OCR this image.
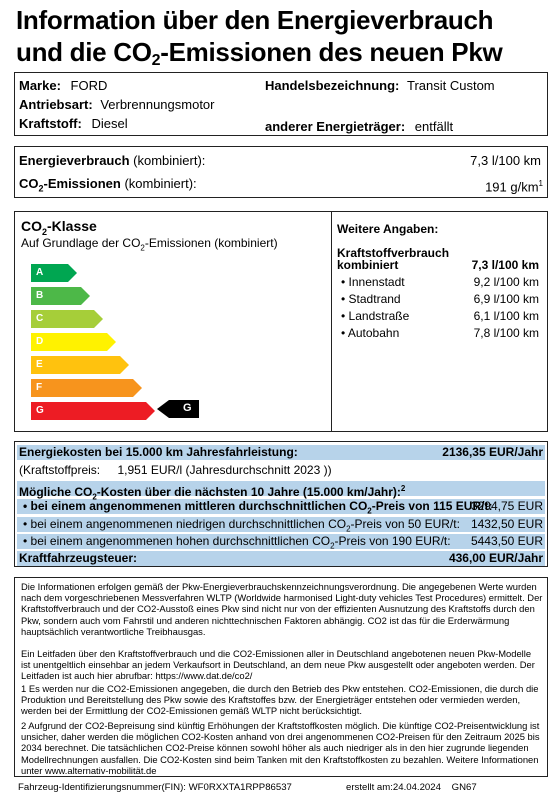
Information über den Energieverbrauch
und die $CO_2$-Emissionen des neuen Pkw
Marke: FORD	Handelsbezeichnung: Transit Custom
Antriebsart: Verbrennungsmotor
Kraftstoff: Diesel	anderer Energieträger: entfällt
Energieverbrauch (kombiniert):	7,3 l/100 km
$CO_2$-Emissionen (kombiniert):	191 $g/km^1$
$CO_2$-Klasse
Auf Grundlage der $CO_2$-Emissionen (kombiniert)
A
B
C
D
E
F
G	G
Weitere Angaben:
Kraftstoffverbrauch
kombiniert	7,3 l/100 km
• Innenstadt	9,2 l/100 km
• Stadtrand	6,9 l/100 km
• Landstraße	6,1 l/100 km
• Autobahn	7,8 l/100 km
Energiekosten bei 15.000 km Jahresfahrleistung:	2136,35 EUR/Jahr
(Kraftstoffpreis: 1,951 EUR/l (Jahresdurchschnitt 2023 ))
Mögliche $CO_2$-Kosten über die nächsten 10 Jahre (15.000 km/Jahr):$^2$
• bei einem angenommenen mittleren durchschnittlichen $CO_2$-Preis von 115 EUR/t:
3294,75 EUR
• bei einem angenommenen niedrigen durchschnittlichen $CO_2$-Preis von 50 EUR/t: 1432,50 EUR
• bei einem angenommenen hohen durchschnittlichen $CO_2$-Preis von 190 EUR/t: 5443,50 EUR
Kraftfahrzeugsteuer:	436,00 EUR/Jahr
Die Informationen erfolgen gemäß der Pkw-Energieverbrauchskennzeichnungsverordnung. Die angegebenen Werte wurden nach dem vorgeschriebenen Messverfahren WLTP (Worldwide harmonised Light-duty vehicles Test Procedures) ermittelt. Der Kraftstoffverbrauch und der CO2-Ausstoß eines Pkw sind nicht nur von der effizienten Ausnutzung des Kraftstoffs durch den Pkw, sondern auch vom Fahrstil und anderen nichttechnischen Faktoren abhängig. CO2 ist das für die Erderwärmung hauptsächlich verantwortliche Treibhausgas.
Ein Leitfaden über den Kraftstoffverbrauch und die CO2-Emissionen aller in Deutschland angebotenen neuen Pkw-Modelle ist unentgeltlich einsehbar an jedem Verkaufsort in Deutschland, an dem neue Pkw ausgestellt oder angeboten werden. Der Leitfaden ist auch hier abrufbar: https://www.dat.de/co2/
1 Es werden nur die CO2-Emissionen angegeben, die durch den Betrieb des Pkw entstehen. CO2-Emissionen, die durch die Produktion und Bereitstellung des Pkw sowie des Kraftstoffes bzw. der Energieträger entstehen oder vermieden werden, werden bei der Ermittlung der CO2-Emissionen gemäß WLTP nicht berücksichtigt.
2 Aufgrund der CO2-Bepreisung sind künftig Erhöhungen der Kraftstoffkosten möglich. Die künftige CO2-Preisentwicklung ist unsicher, daher werden die möglichen CO2-Kosten anhand von drei angenommenen CO2-Preisen für den Zeitraum 2025 bis 2034 berechnet. Die tatsächlichen CO2-Preise können sowohl höher als auch niedriger als in den hier zugrunde liegenden Modellrechnungen ausfallen. Die CO2-Kosten sind beim Tanken mit den Kraftstoffkosten zu bezahlen. Weitere Informationen unter www.alternativ-mobilität.de
Fahrzeug-Identifizierungsnummer(FIN): WF0RXXTA1RPP86537	erstellt am:24.04.2024 GN67
